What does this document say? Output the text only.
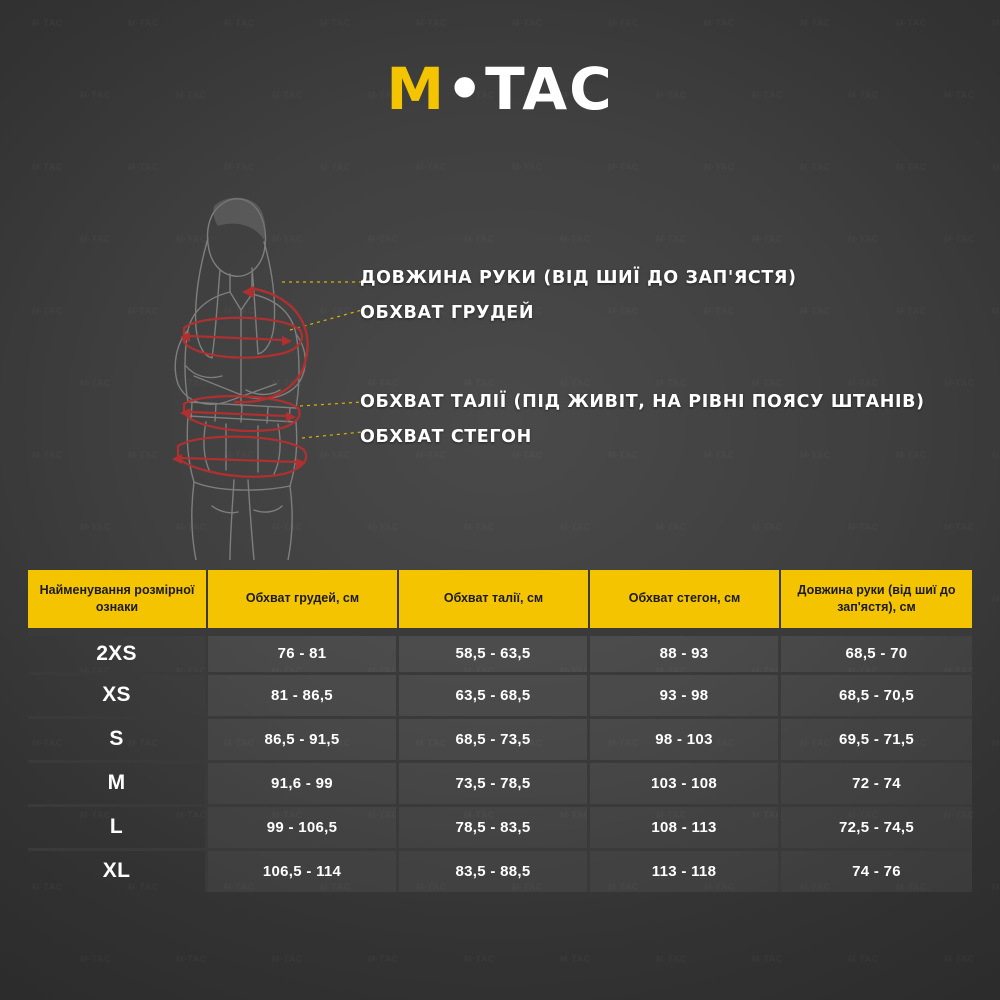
M•TAC
ДОВЖИНА РУКИ (ВІД ШИЇ ДО ЗАП'ЯСТЯ)
ОБХВАТ ГРУДЕЙ
ОБХВАТ ТАЛІЇ (ПІД ЖИВІТ, НА РІВНІ ПОЯСУ ШТАНІВ)
ОБХВАТ СТЕГОН
Найменування розмірної ознаки	Обхват грудей, см	Обхват талії, см	Обхват стегон, см	Довжина руки (від шиї до зап'ястя), см
2XS	76 - 81	58,5 - 63,5	88 - 93	68,5 - 70
XS	81 - 86,5	63,5 - 68,5	93 - 98	68,5 - 70,5
S	86,5 - 91,5	68,5 - 73,5	98 - 103	69,5 - 71,5
M	91,6 - 99	73,5 - 78,5	103 - 108	72 - 74
L	99 - 106,5	78,5 - 83,5	108 - 113	72,5 - 74,5
XL	106,5 - 114	83,5 - 88,5	113 - 118	74 - 76
